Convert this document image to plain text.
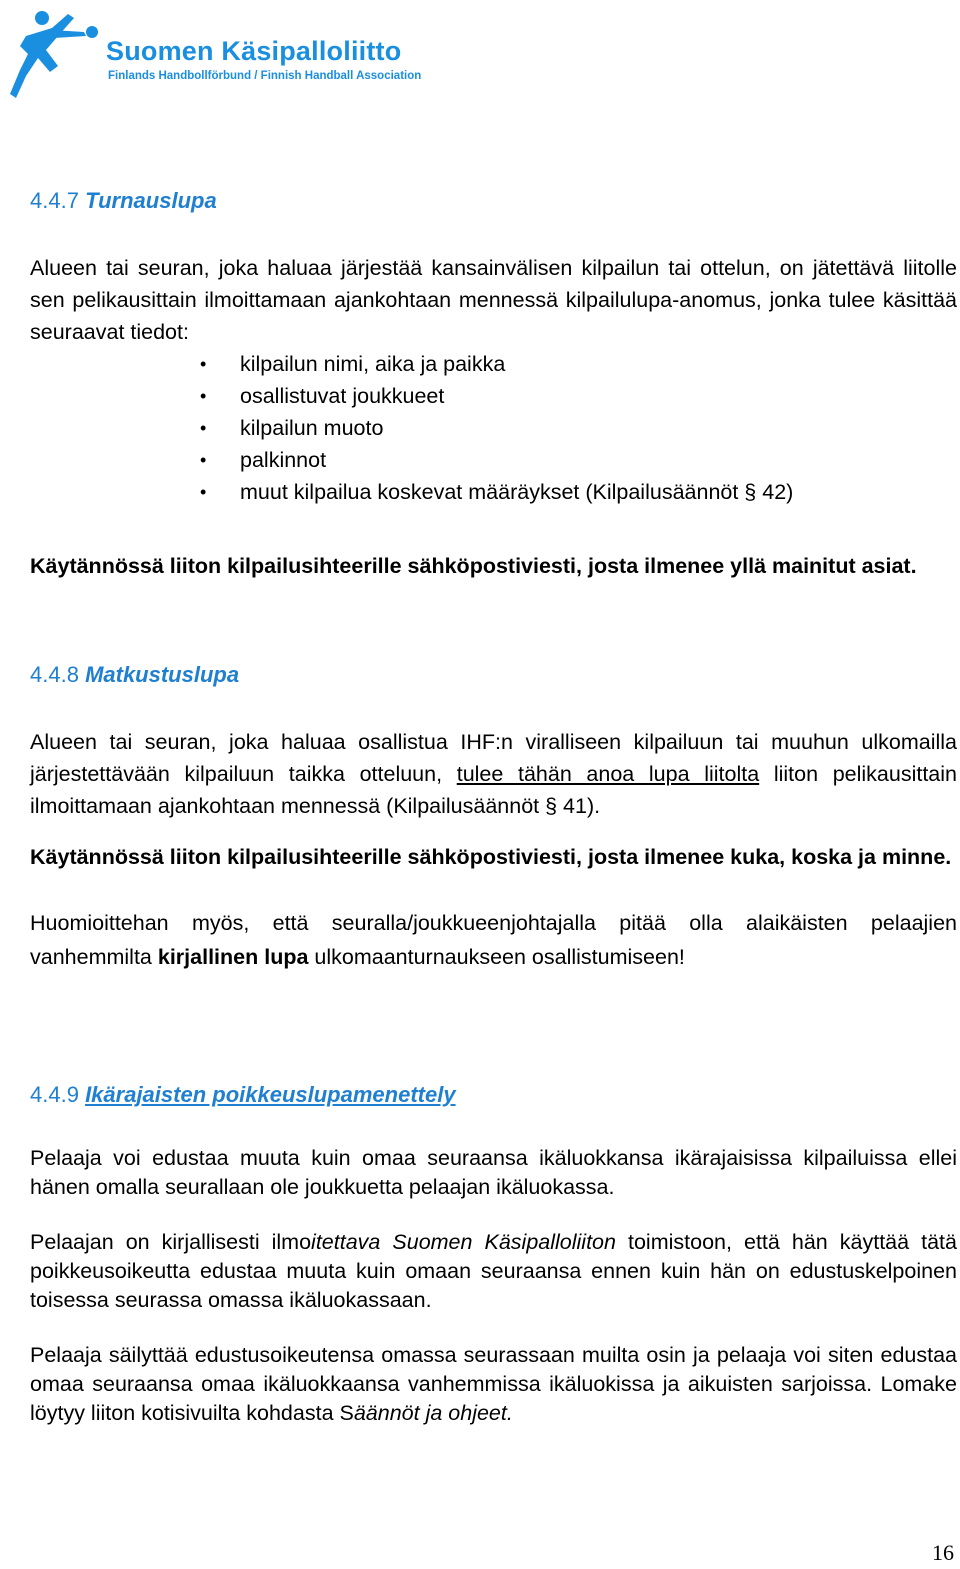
Suomen Käsipalloliitto
Finlands Handbollförbund / Finnish Handball Association
4.4.7 Turnauslupa

Alueen tai seuran, joka haluaa järjestää kansainvälisen kilpailun tai ottelun, on jätettävä liitolle sen pelikausittain ilmoittamaan ajankohtaan mennessä kilpailulupa-anomus, jonka tulee käsittää seuraavat tiedot:

• kilpailun nimi, aika ja paikka
• osallistuvat joukkueet
• kilpailun muoto
• palkinnot
• muut kilpailua koskevat määräykset (Kilpailusäännöt § 42)

Käytännössä liiton kilpailusihteerille sähköpostiviesti, josta ilmenee yllä mainitut asiat.

4.4.8 Matkustuslupa

Alueen tai seuran, joka haluaa osallistua IHF:n viralliseen kilpailuun tai muuhun ulkomailla järjestettävään kilpailuun taikka otteluun, tulee tähän anoa lupa liitolta liiton pelikausittain ilmoittamaan ajankohtaan mennessä (Kilpailusäännöt § 41).

Käytännössä liiton kilpailusihteerille sähköpostiviesti, josta ilmenee kuka, koska ja minne.

Huomioittehan myös, että seuralla/joukkueenjohtajalla pitää olla alaikäisten pelaajien vanhemmilta kirjallinen lupa ulkomaanturnaukseen osallistumiseen!

4.4.9 Ikärajaisten poikkeuslupamenettely

Pelaaja voi edustaa muuta kuin omaa seuraansa ikäluokkansa ikärajaisissa kilpailuissa ellei hänen omalla seurallaan ole joukkuetta pelaajan ikäluokassa.

Pelaajan on kirjallisesti ilmoitettava Suomen Käsipalloliiton toimistoon, että hän käyttää tätä poikkeusoikeutta edustaa muuta kuin omaan seuraansa ennen kuin hän on edustuskelpoinen toisessa seurassa omassa ikäluokassaan.

Pelaaja säilyttää edustusoikeutensa omassa seurassaan muilta osin ja pelaaja voi siten edustaa omaa seuraansa omaa ikäluokkaansa vanhemmissa ikäluokissa ja aikuisten sarjoissa. Lomake löytyy liiton kotisivuilta kohdasta Säännöt ja ohjeet.

16
